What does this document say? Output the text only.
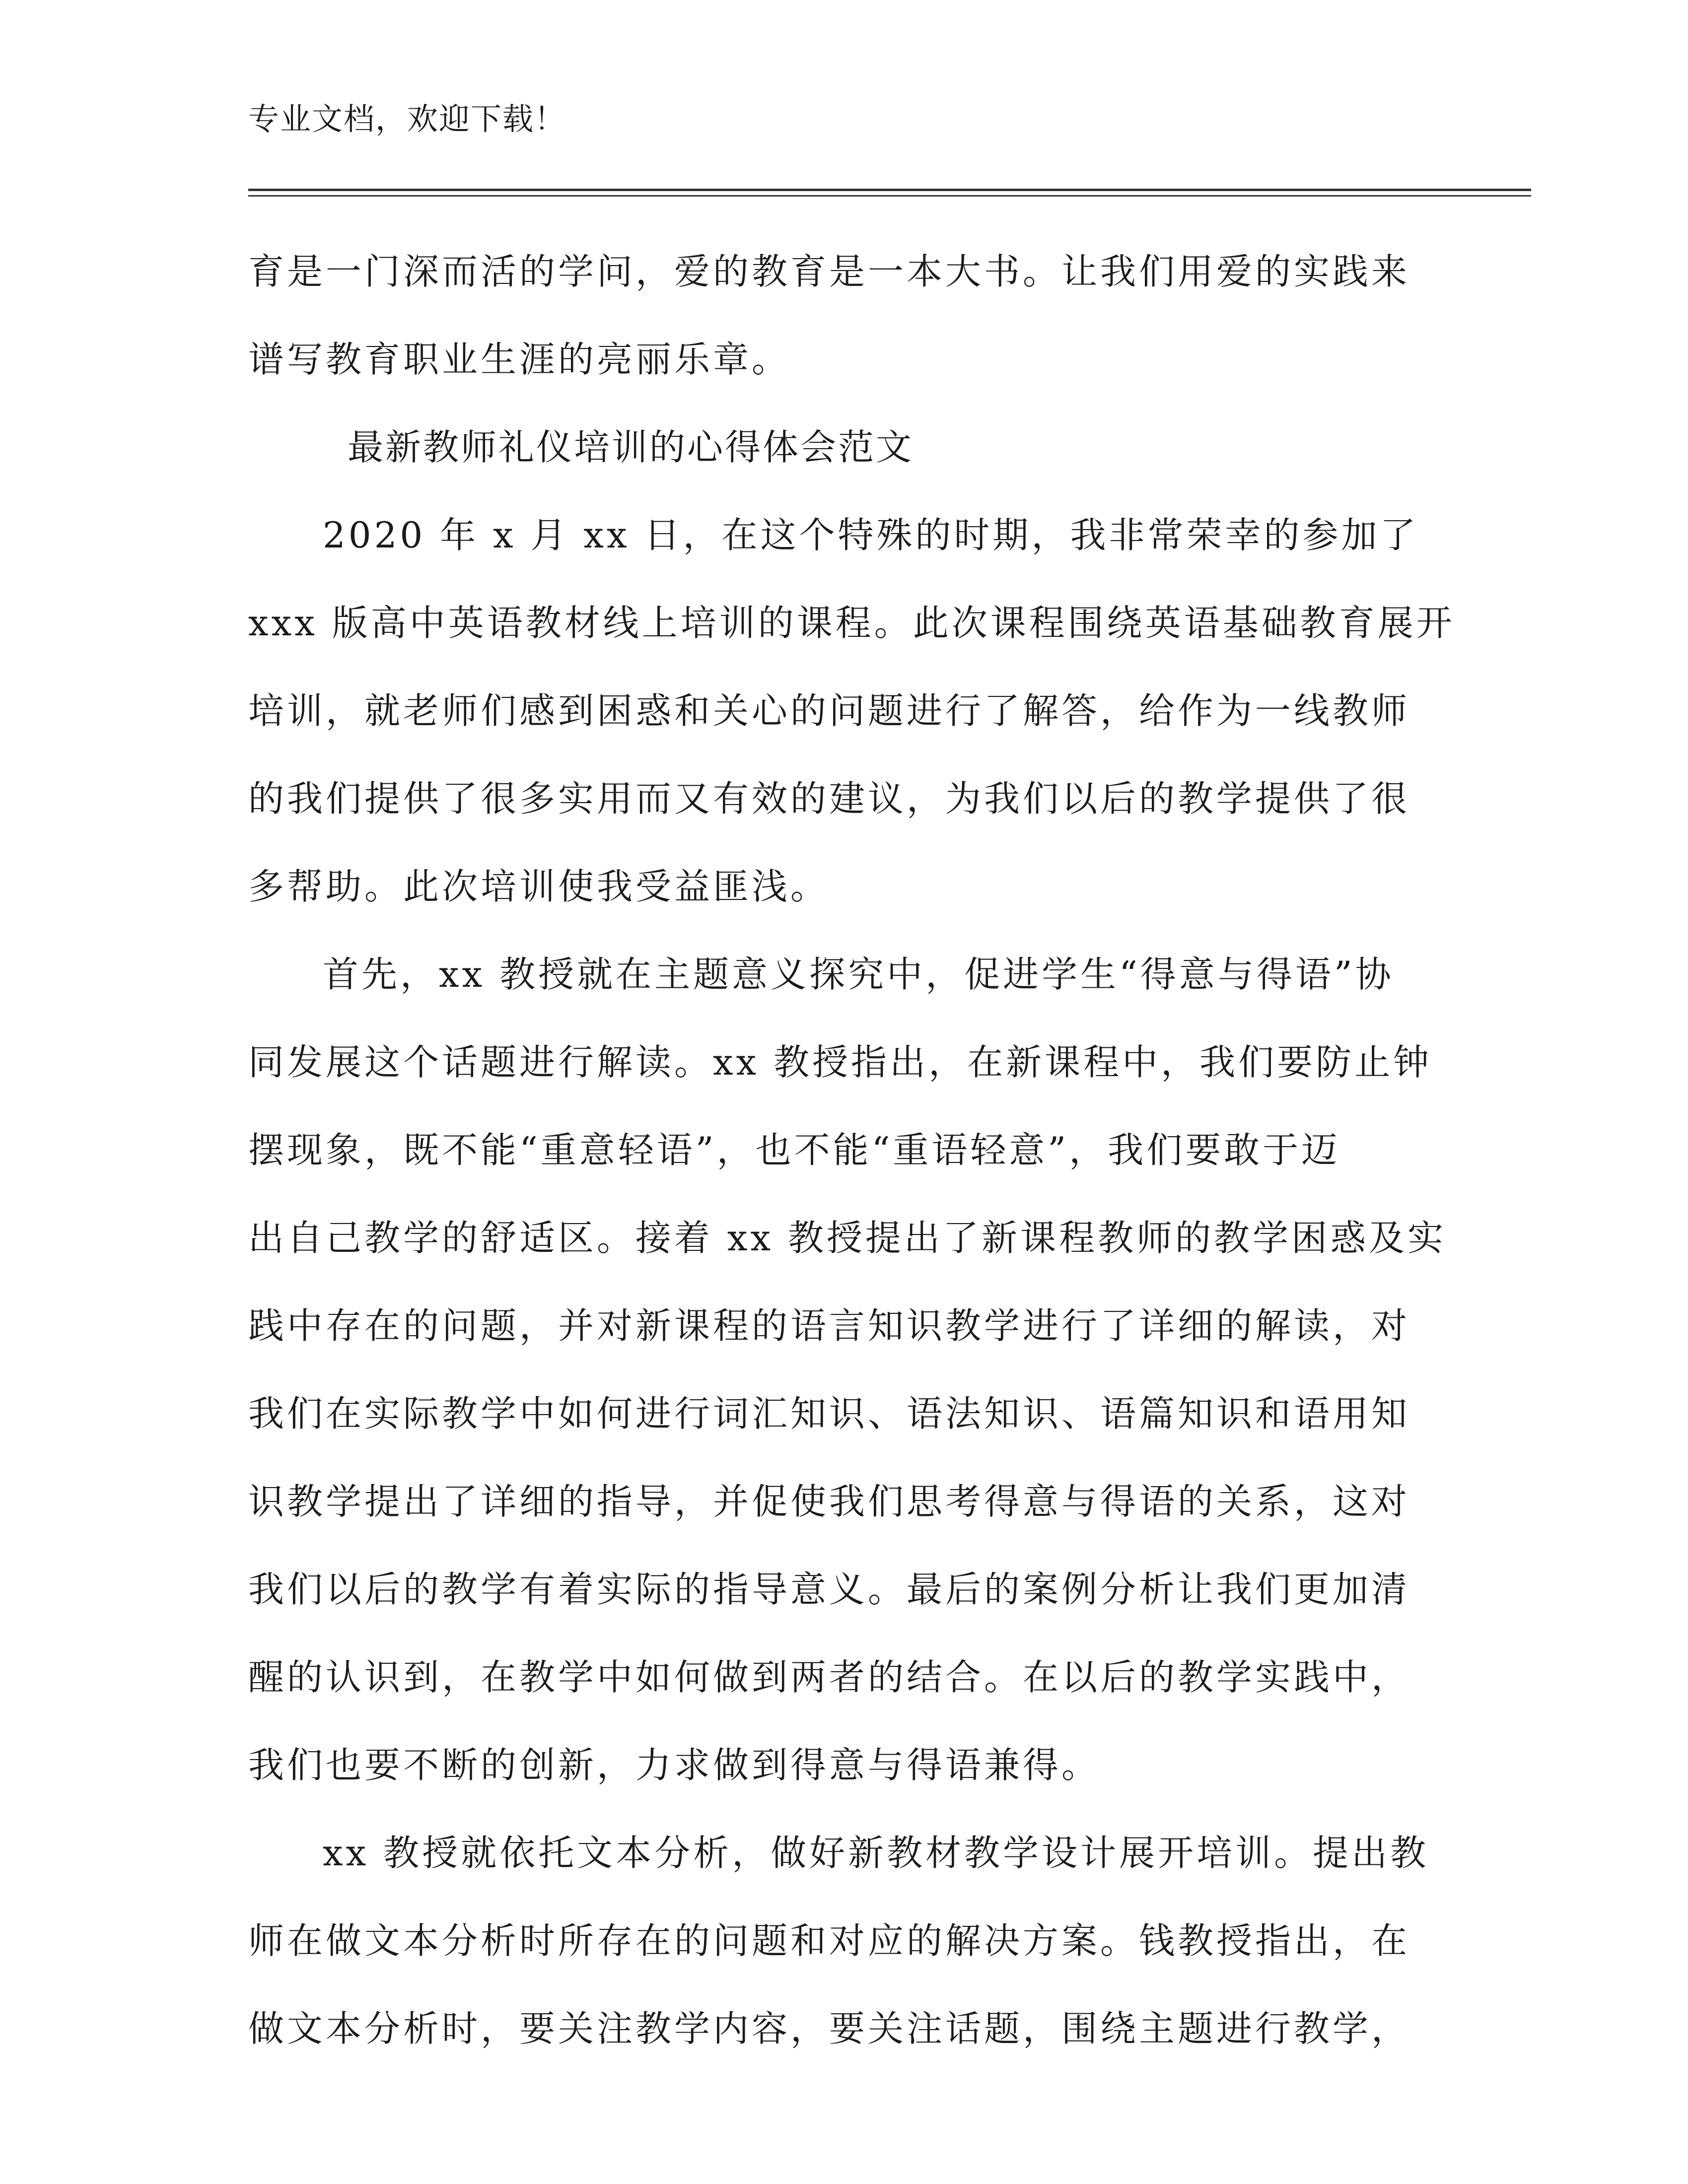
专业文档，欢迎下载！
育是一门深而活的学问，爱的教育是一本大书。让我们用爱的实践来
谱写教育职业生涯的亮丽乐章。
最新教师礼仪培训的心得体会范文
2020 年 x 月 xx 日，在这个特殊的时期，我非常荣幸的参加了
xxx 版高中英语教材线上培训的课程。此次课程围绕英语基础教育展开
培训，就老师们感到困惑和关心的问题进行了解答，给作为一线教师
的我们提供了很多实用而又有效的建议，为我们以后的教学提供了很
多帮助。此次培训使我受益匪浅。
首先，xx 教授就在主题意义探究中，促进学生“得意与得语”协
同发展这个话题进行解读。xx 教授指出，在新课程中，我们要防止钟
摆现象，既不能“重意轻语”，也不能“重语轻意”，我们要敢于迈
出自己教学的舒适区。接着 xx 教授提出了新课程教师的教学困惑及实
践中存在的问题，并对新课程的语言知识教学进行了详细的解读，对
我们在实际教学中如何进行词汇知识、语法知识、语篇知识和语用知
识教学提出了详细的指导，并促使我们思考得意与得语的关系，这对
我们以后的教学有着实际的指导意义。最后的案例分析让我们更加清
醒的认识到，在教学中如何做到两者的结合。在以后的教学实践中，
我们也要不断的创新，力求做到得意与得语兼得。
xx 教授就依托文本分析，做好新教材教学设计展开培训。提出教
师在做文本分析时所存在的问题和对应的解决方案。钱教授指出，在
做文本分析时，要关注教学内容，要关注话题，围绕主题进行教学，
